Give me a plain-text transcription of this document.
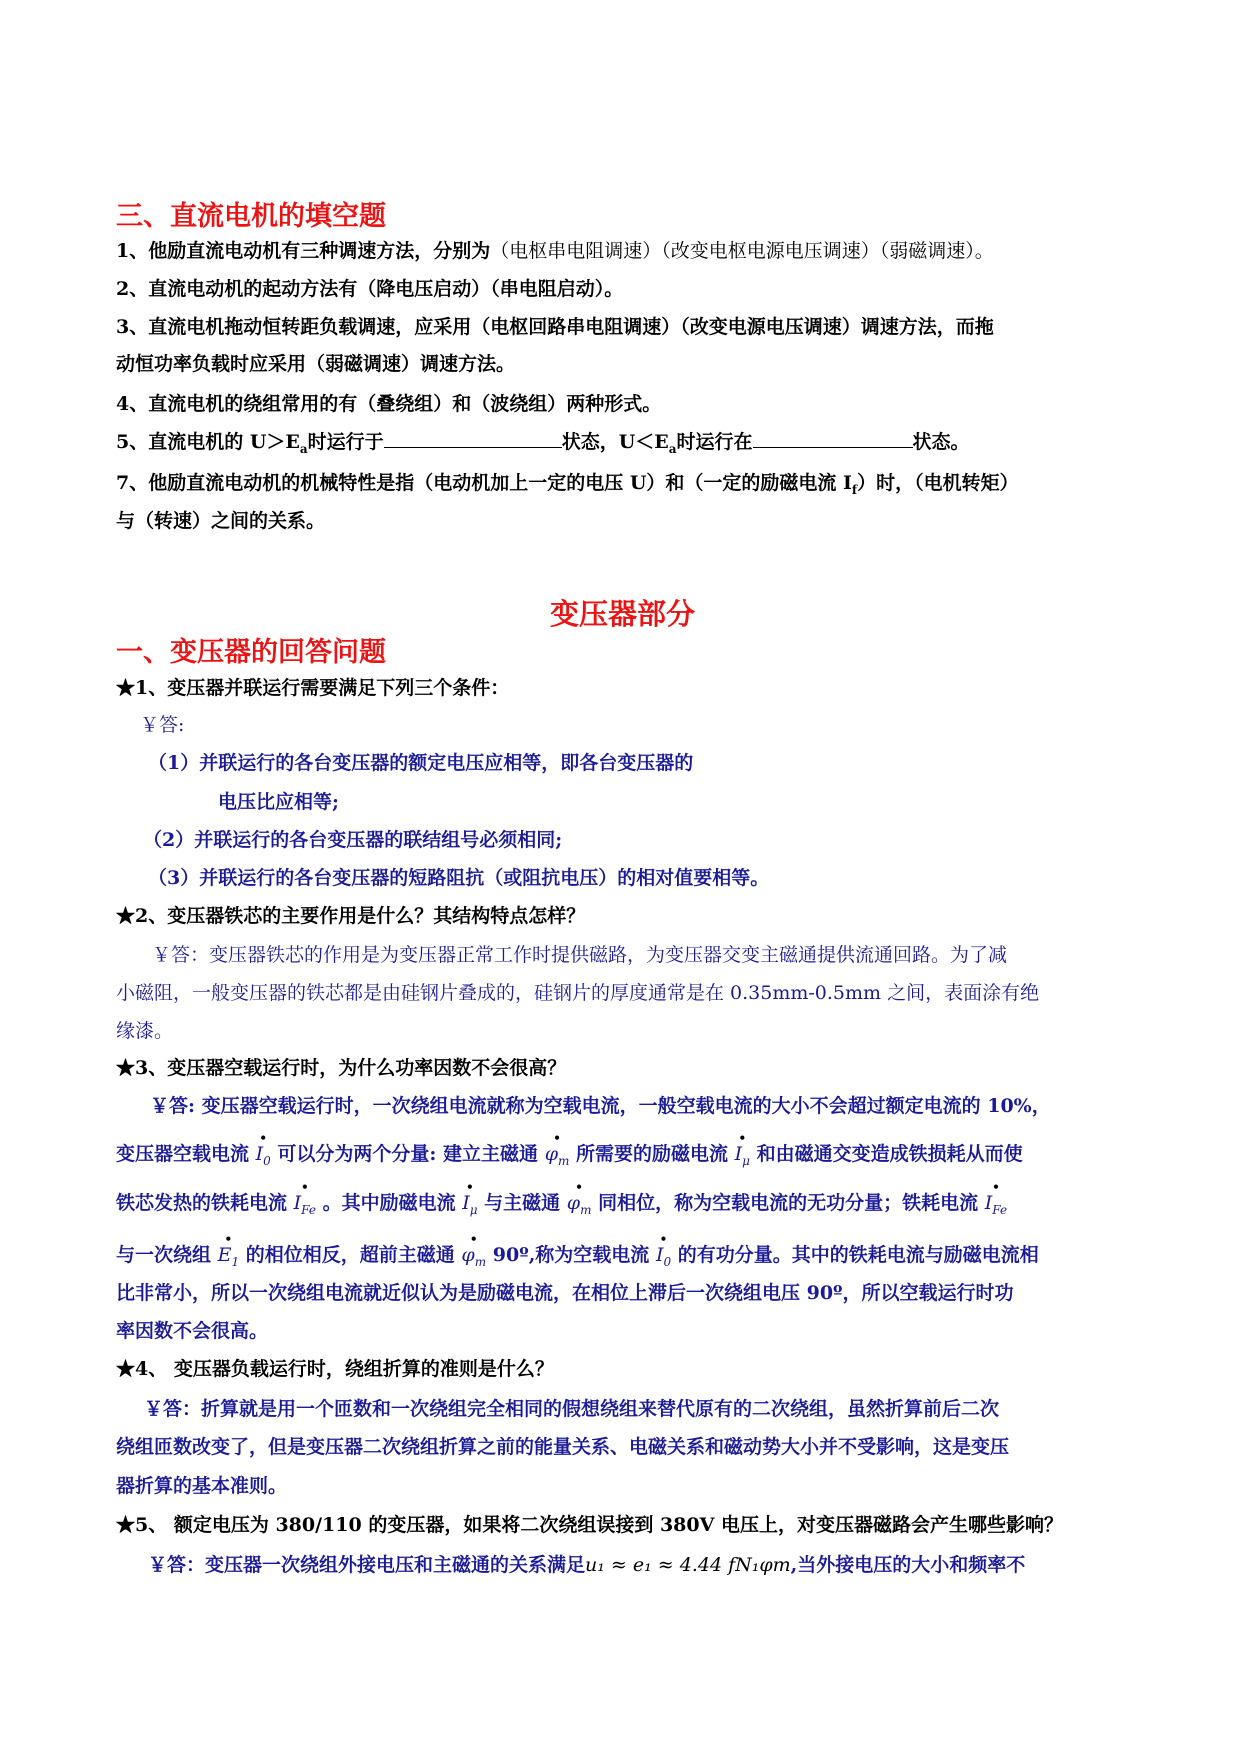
三、直流电机的填空题
1、他励直流电动机有三种调速方法，分别为（电枢串电阻调速）（改变电枢电源电压调速）（弱磁调速）。
2、直流电动机的起动方法有（降电压启动）（串电阻启动）。
3、直流电机拖动恒转距负载调速，应采用（电枢回路串电阻调速）（改变电源电压调速）调速方法，而拖
动恒功率负载时应采用（弱磁调速）调速方法。
4、直流电机的绕组常用的有（叠绕组）和（波绕组）两种形式。
5、直流电机的 $U>E_a$时运行于	状态，$U<E_a$时运行在	状态。
7、他励直流电动机的机械特性是指（电动机加上一定的电压 U）和（一定的励磁电流 $I_f$）时，（电机转矩）
与（转速）之间的关系。
变压器部分
一、变压器的回答问题
★1、变压器并联运行需要满足下列三个条件：
￥答:
（1）并联运行的各台变压器的额定电压应相等，即各台变压器的
电压比应相等;
（2）并联运行的各台变压器的联结组号必须相同;
（3）并联运行的各台变压器的短路阻抗（或阻抗电压）的相对值要相等。
★2、变压器铁芯的主要作用是什么？其结构特点怎样？
￥答：变压器铁芯的作用是为变压器正常工作时提供磁路，为变压器交变主磁通提供流通回路。为了减
小磁阻，一般变压器的铁芯都是由硅钢片叠成的，硅钢片的厚度通常是在 0.35mm-0.5mm 之间，表面涂有绝
缘漆。
★3、变压器空载运行时，为什么功率因数不会很高？
￥答: 变压器空载运行时，一次绕组电流就称为空载电流，一般空载电流的大小不会超过额定电流的 10%，
变压器空载电流 • $I_0$ 可以分为两个分量: 建立主磁通 • $\varphi_m$ 所需要的励磁电流 • $I_\mu$ 和由磁通交变造成铁损耗从而使
铁芯发热的铁耗电流 • $I_{Fe}$ 。其中励磁电流 • $I_\mu$ 与主磁通 • $\varphi_m$ 同相位，称为空载电流的无功分量；铁耗电流 • $I_{Fe}$
与一次绕组 • $E_1$ 的相位相反，超前主磁通 • $\varphi_m$ 90º,称为空载电流 • $I_0$ 的有功分量。其中的铁耗电流与励磁电流相
比非常小，所以一次绕组电流就近似认为是励磁电流，在相位上滞后一次绕组电压 90º，所以空载运行时功
率因数不会很高。
★4、 变压器负载运行时，绕组折算的准则是什么？
￥答：折算就是用一个匝数和一次绕组完全相同的假想绕组来替代原有的二次绕组，虽然折算前后二次
绕组匝数改变了，但是变压器二次绕组折算之前的能量关系、电磁关系和磁动势大小并不受影响，这是变压
器折算的基本准则。
★5、 额定电压为 380/110 的变压器，如果将二次绕组误接到 380V 电压上，对变压器磁路会产生哪些影响？
￥答：变压器一次绕组外接电压和主磁通的关系满足u₁ ≈ e₁ ≈ 4.44 fN₁φm,当外接电压的大小和频率不
